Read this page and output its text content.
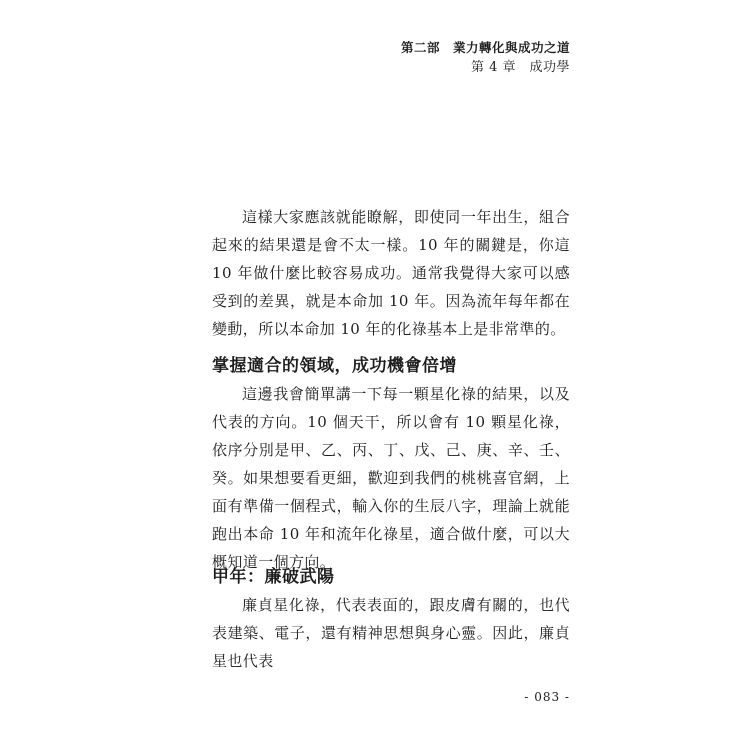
第二部　業力轉化與成功之道
第 4 章　成功學

這樣大家應該就能瞭解，即使同一年出生，組合起來的結果還是會不太一樣。10 年的關鍵是，你這 10 年做什麼比較容易成功。通常我覺得大家可以感受到的差異，就是本命加 10 年。因為流年每年都在變動，所以本命加 10 年的化祿基本上是非常準的。

掌握適合的領域，成功機會倍增

這邊我會簡單講一下每一顆星化祿的結果，以及代表的方向。10 個天干，所以會有 10 顆星化祿，依序分別是甲、乙、丙、丁、戊、己、庚、辛、壬、癸。如果想要看更細，歡迎到我們的桃桃喜官網，上面有準備一個程式，輸入你的生辰八字，理論上就能跑出本命 10 年和流年化祿星，適合做什麼，可以大概知道一個方向。

甲年：廉破武陽

廉貞星化祿，代表表面的，跟皮膚有關的，也代表建築、電子，還有精神思想與身心靈。因此，廉貞星也代表

- 083 -
